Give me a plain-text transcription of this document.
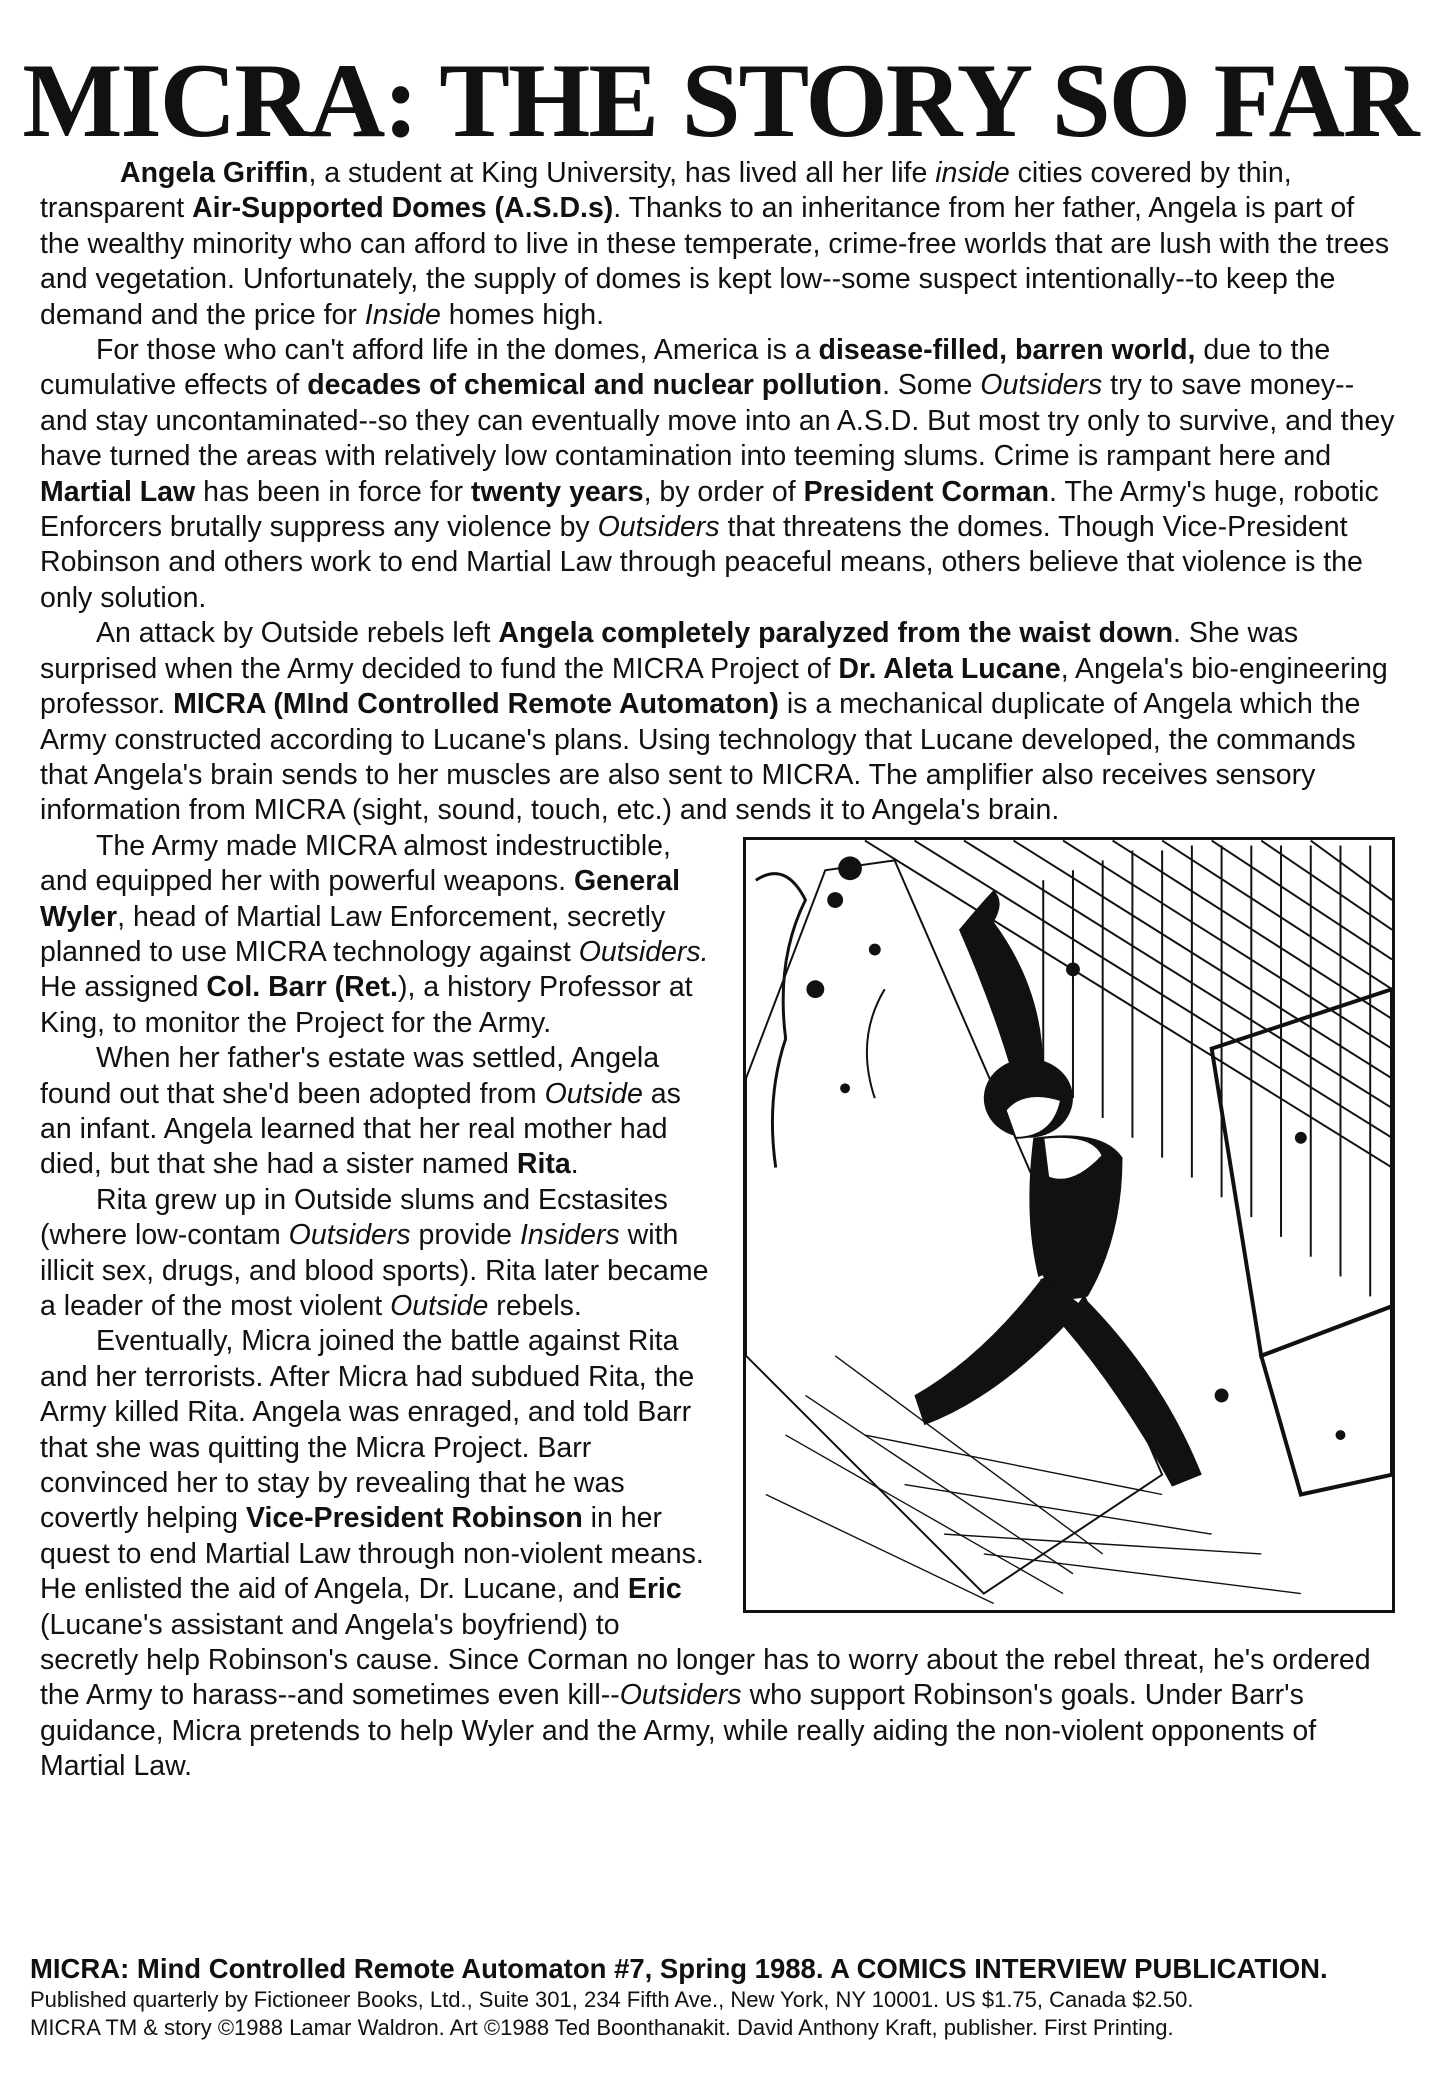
MICRA: THE STORY SO FAR

Angela Griffin, a student at King University, has lived all her life inside cities covered by thin, transparent Air-Supported Domes (A.S.D.s). Thanks to an inheritance from her father, Angela is part of the wealthy minority who can afford to live in these temperate, crime-free worlds that are lush with the trees and vegetation. Unfortunately, the supply of domes is kept low--some suspect intentionally--to keep the demand and the price for Inside homes high.

For those who can't afford life in the domes, America is a disease-filled, barren world, due to the cumulative effects of decades of chemical and nuclear pollution. Some Outsiders try to save money--and stay uncontaminated--so they can eventually move into an A.S.D. But most try only to survive, and they have turned the areas with relatively low contamination into teeming slums. Crime is rampant here and Martial Law has been in force for twenty years, by order of President Corman. The Army's huge, robotic Enforcers brutally suppress any violence by Outsiders that threatens the domes. Though Vice-President Robinson and others work to end Martial Law through peaceful means, others believe that violence is the only solution.

An attack by Outside rebels left Angela completely paralyzed from the waist down. She was surprised when the Army decided to fund the MICRA Project of Dr. Aleta Lucane, Angela's bio-engineering professor. MICRA (MInd Controlled Remote Automaton) is a mechanical duplicate of Angela which the Army constructed according to Lucane's plans. Using technology that Lucane developed, the commands that Angela's brain sends to her muscles are also sent to MICRA. The amplifier also receives sensory information from MICRA (sight, sound, touch, etc.) and sends it to Angela's brain.

The Army made MICRA almost indestructible, and equipped her with powerful weapons. General Wyler, head of Martial Law Enforcement, secretly planned to use MICRA technology against Outsiders. He assigned Col. Barr (Ret.), a history Professor at King, to monitor the Project for the Army.

When her father's estate was settled, Angela found out that she'd been adopted from Outside as an infant. Angela learned that her real mother had died, but that she had a sister named Rita.

Rita grew up in Outside slums and Ecstasites (where low-contam Outsiders provide Insiders with illicit sex, drugs, and blood sports). Rita later became a leader of the most violent Outside rebels.

Eventually, Micra joined the battle against Rita and her terrorists. After Micra had subdued Rita, the Army killed Rita. Angela was enraged, and told Barr that she was quitting the Micra Project. Barr convinced her to stay by revealing that he was covertly helping Vice-President Robinson in her quest to end Martial Law through non-violent means. He enlisted the aid of Angela, Dr. Lucane, and Eric (Lucane's assistant and Angela's boyfriend) to secretly help Robinson's cause. Since Corman no longer has to worry about the rebel threat, he's ordered the Army to harass--and sometimes even kill--Outsiders who support Robinson's goals. Under Barr's guidance, Micra pretends to help Wyler and the Army, while really aiding the non-violent opponents of Martial Law.

MICRA: Mind Controlled Remote Automaton #7, Spring 1988. A COMICS INTERVIEW PUBLICATION.
Published quarterly by Fictioneer Books, Ltd., Suite 301, 234 Fifth Ave., New York, NY 10001. US $1.75, Canada $2.50.
MICRA TM & story ©1988 Lamar Waldron. Art ©1988 Ted Boonthanakit. David Anthony Kraft, publisher. First Printing.
